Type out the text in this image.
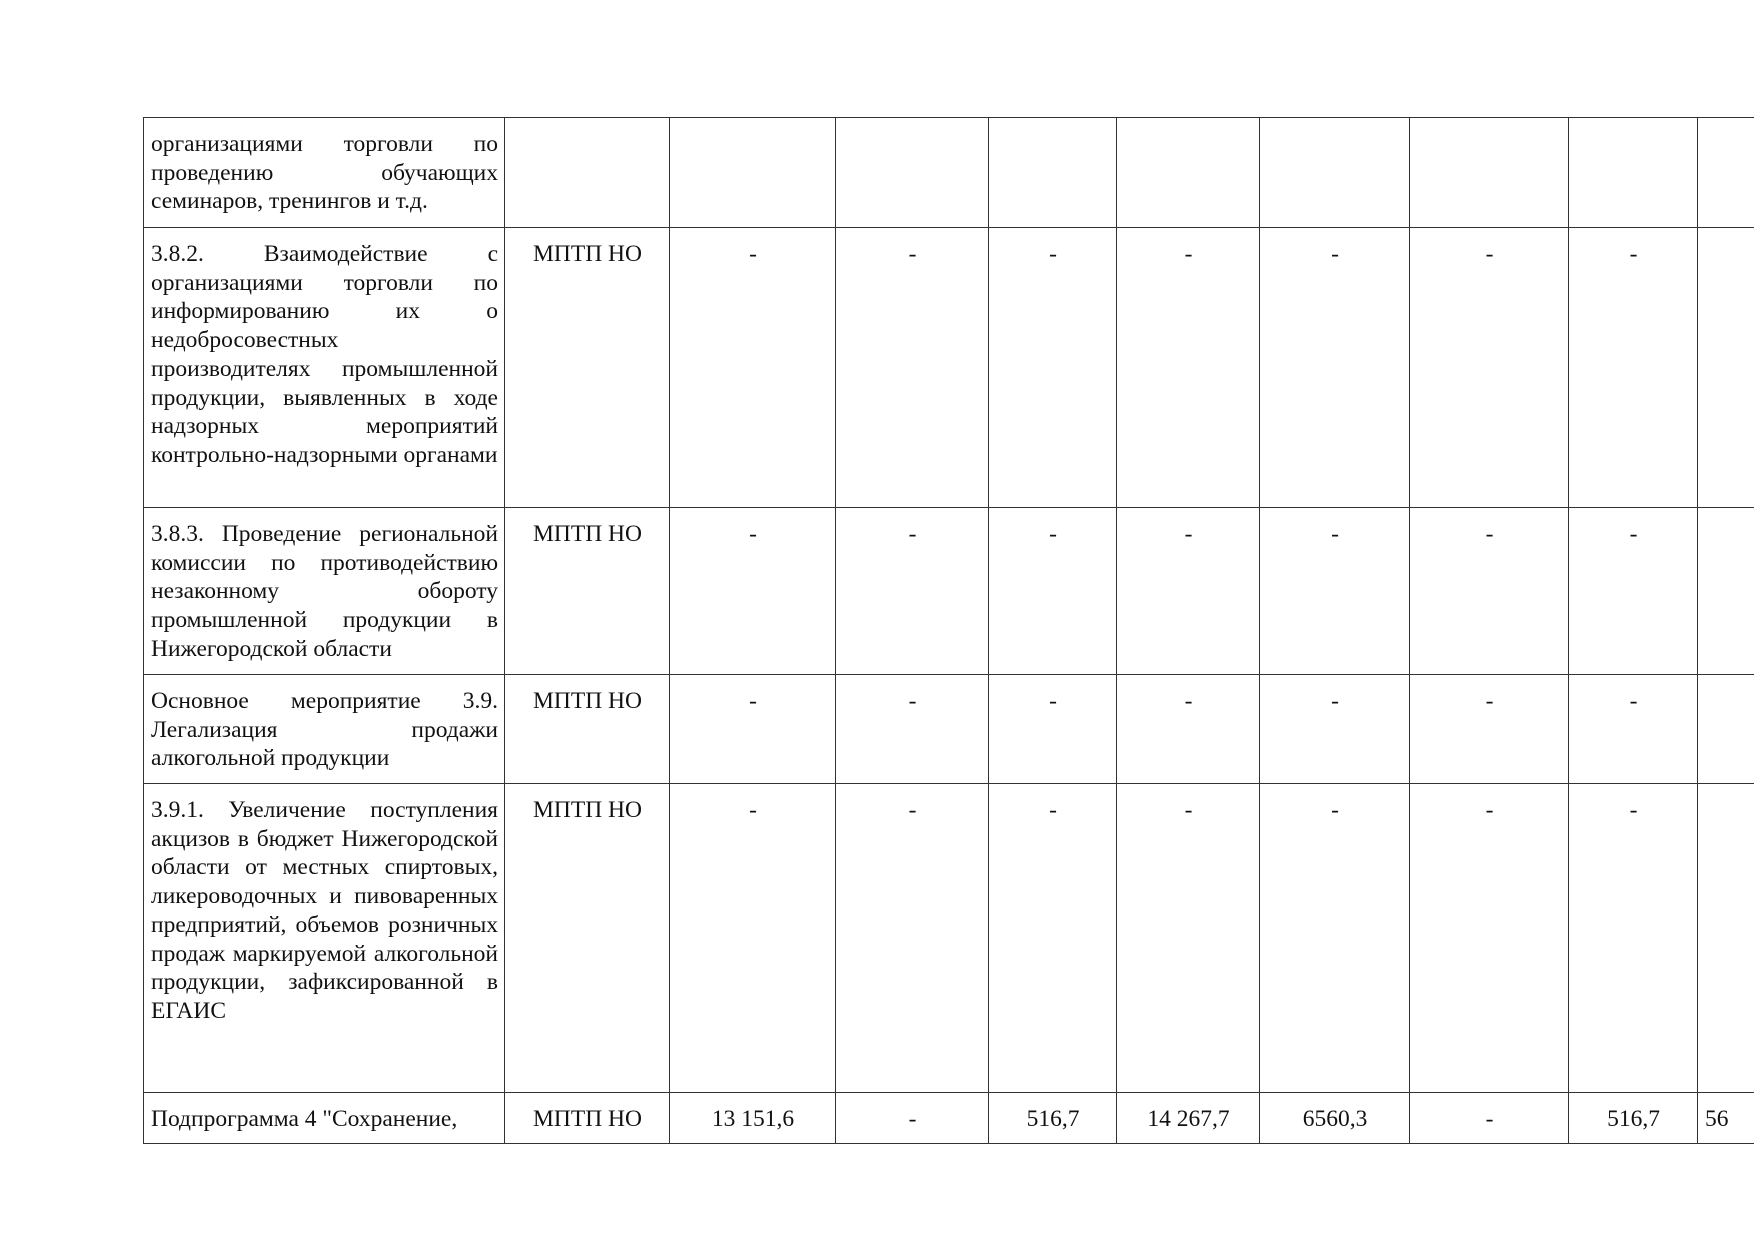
организациями торговли по проведению обучающих семинаров, тренингов и т.д.									
3.8.2. Взаимодействие с организациями торговли по информированию их о недобросовестных производителях промышленной продукции, выявленных в ходе надзорных мероприятий контрольно-надзорными органами	МПТП НО	-	-	-	-	-	-	-	
3.8.3. Проведение региональной комиссии по противодействию незаконному обороту промышленной продукции в Нижегородской области	МПТП НО	-	-	-	-	-	-	-	
Основное мероприятие 3.9. Легализация продажи алкогольной продукции	МПТП НО	-	-	-	-	-	-	-	
3.9.1. Увеличение поступления акцизов в бюджет Нижегородской области от местных спиртовых, ликероводочных и пивоваренных предприятий, объемов розничных продаж маркируемой алкогольной продукции, зафиксированной в ЕГАИС	МПТП НО	-	-	-	-	-	-	-	
Подпрограмма 4 "Сохранение,	МПТП НО	13 151,6	-	516,7	14 267,7	6560,3	-	516,7	56
